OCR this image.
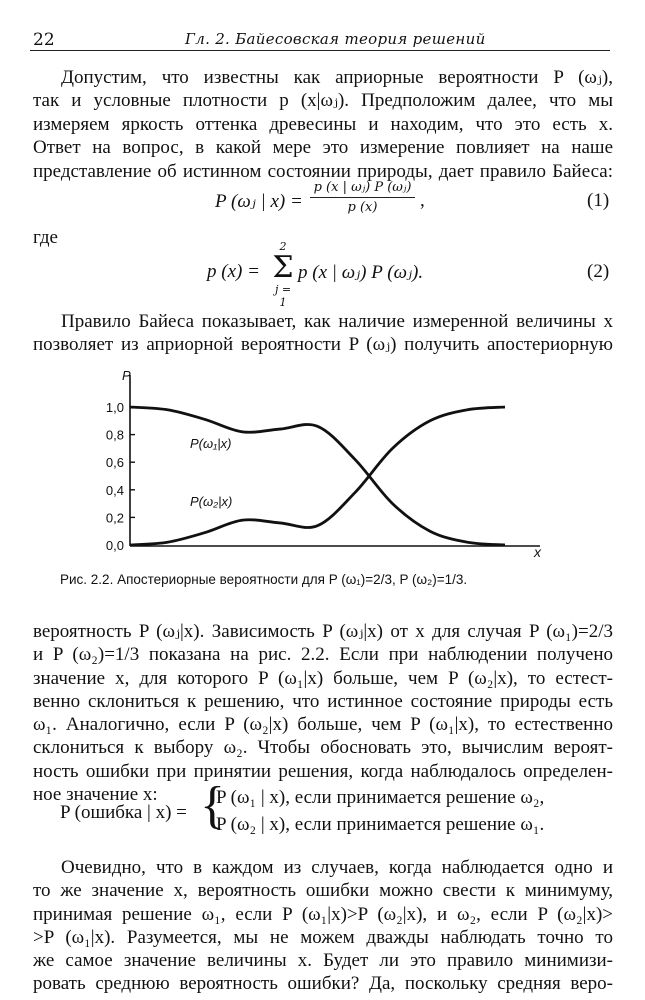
22	Гл. 2. Байесовская теория решений
Допустим, что известны как априорные вероятности P (ωⱼ),
так и условные плотности p (x|ωⱼ). Предположим далее, что мы
измеряем яркость оттенка древесины и находим, что это есть x.
Ответ на вопрос, в какой мере это измерение повлияет на наше
представление об истинном состоянии природы, дает правило Байеса:
P (ωⱼ | x) =
p (x | ωⱼ) P (ωⱼ)
p (x)	,	(1)
где
p (x) =
2
Σ
j = 1
p (x | ωⱼ) P (ωⱼ).	(2)
Правило Байеса показывает, как наличие измеренной величины x
позволяет из априорной вероятности P (ωⱼ) получить апостериорную
P
x
0,0
0,2
0,4
0,6
0,8
1,0
P(ω₁|x)
P(ω₂|x)
Рис. 2.2. Апостериорные вероятности для P (ω₁)=2/3, P (ω₂)=1/3.
вероятность P (ωⱼ|x). Зависимость P (ωⱼ|x) от x для случая P (ω₁)=2/3
и P (ω₂)=1/3 показана на рис. 2.2. Если при наблюдении получено
значение x, для которого P (ω₁|x) больше, чем P (ω₂|x), то естест-
венно склониться к решению, что истинное состояние природы есть
ω₁. Аналогично, если P (ω₂|x) больше, чем P (ω₁|x), то естественно
склониться к выбору ω₂. Чтобы обосновать это, вычислим вероят-
ность ошибки при принятии решения, когда наблюдалось определен-
ное значение x:
P (ошибка | x) = {
P (ω₁ | x), если принимается решение ω₂,
P (ω₂ | x), если принимается решение ω₁.
Очевидно, что в каждом из случаев, когда наблюдается одно и
то же значение x, вероятность ошибки можно свести к минимуму,
принимая решение ω₁, если P (ω₁|x)>P (ω₂|x), и ω₂, если P (ω₂|x)>
>P (ω₁|x). Разумеется, мы не можем дважды наблюдать точно то
же самое значение величины x. Будет ли это правило минимизи-
ровать среднюю вероятность ошибки? Да, поскольку средняя веро-
